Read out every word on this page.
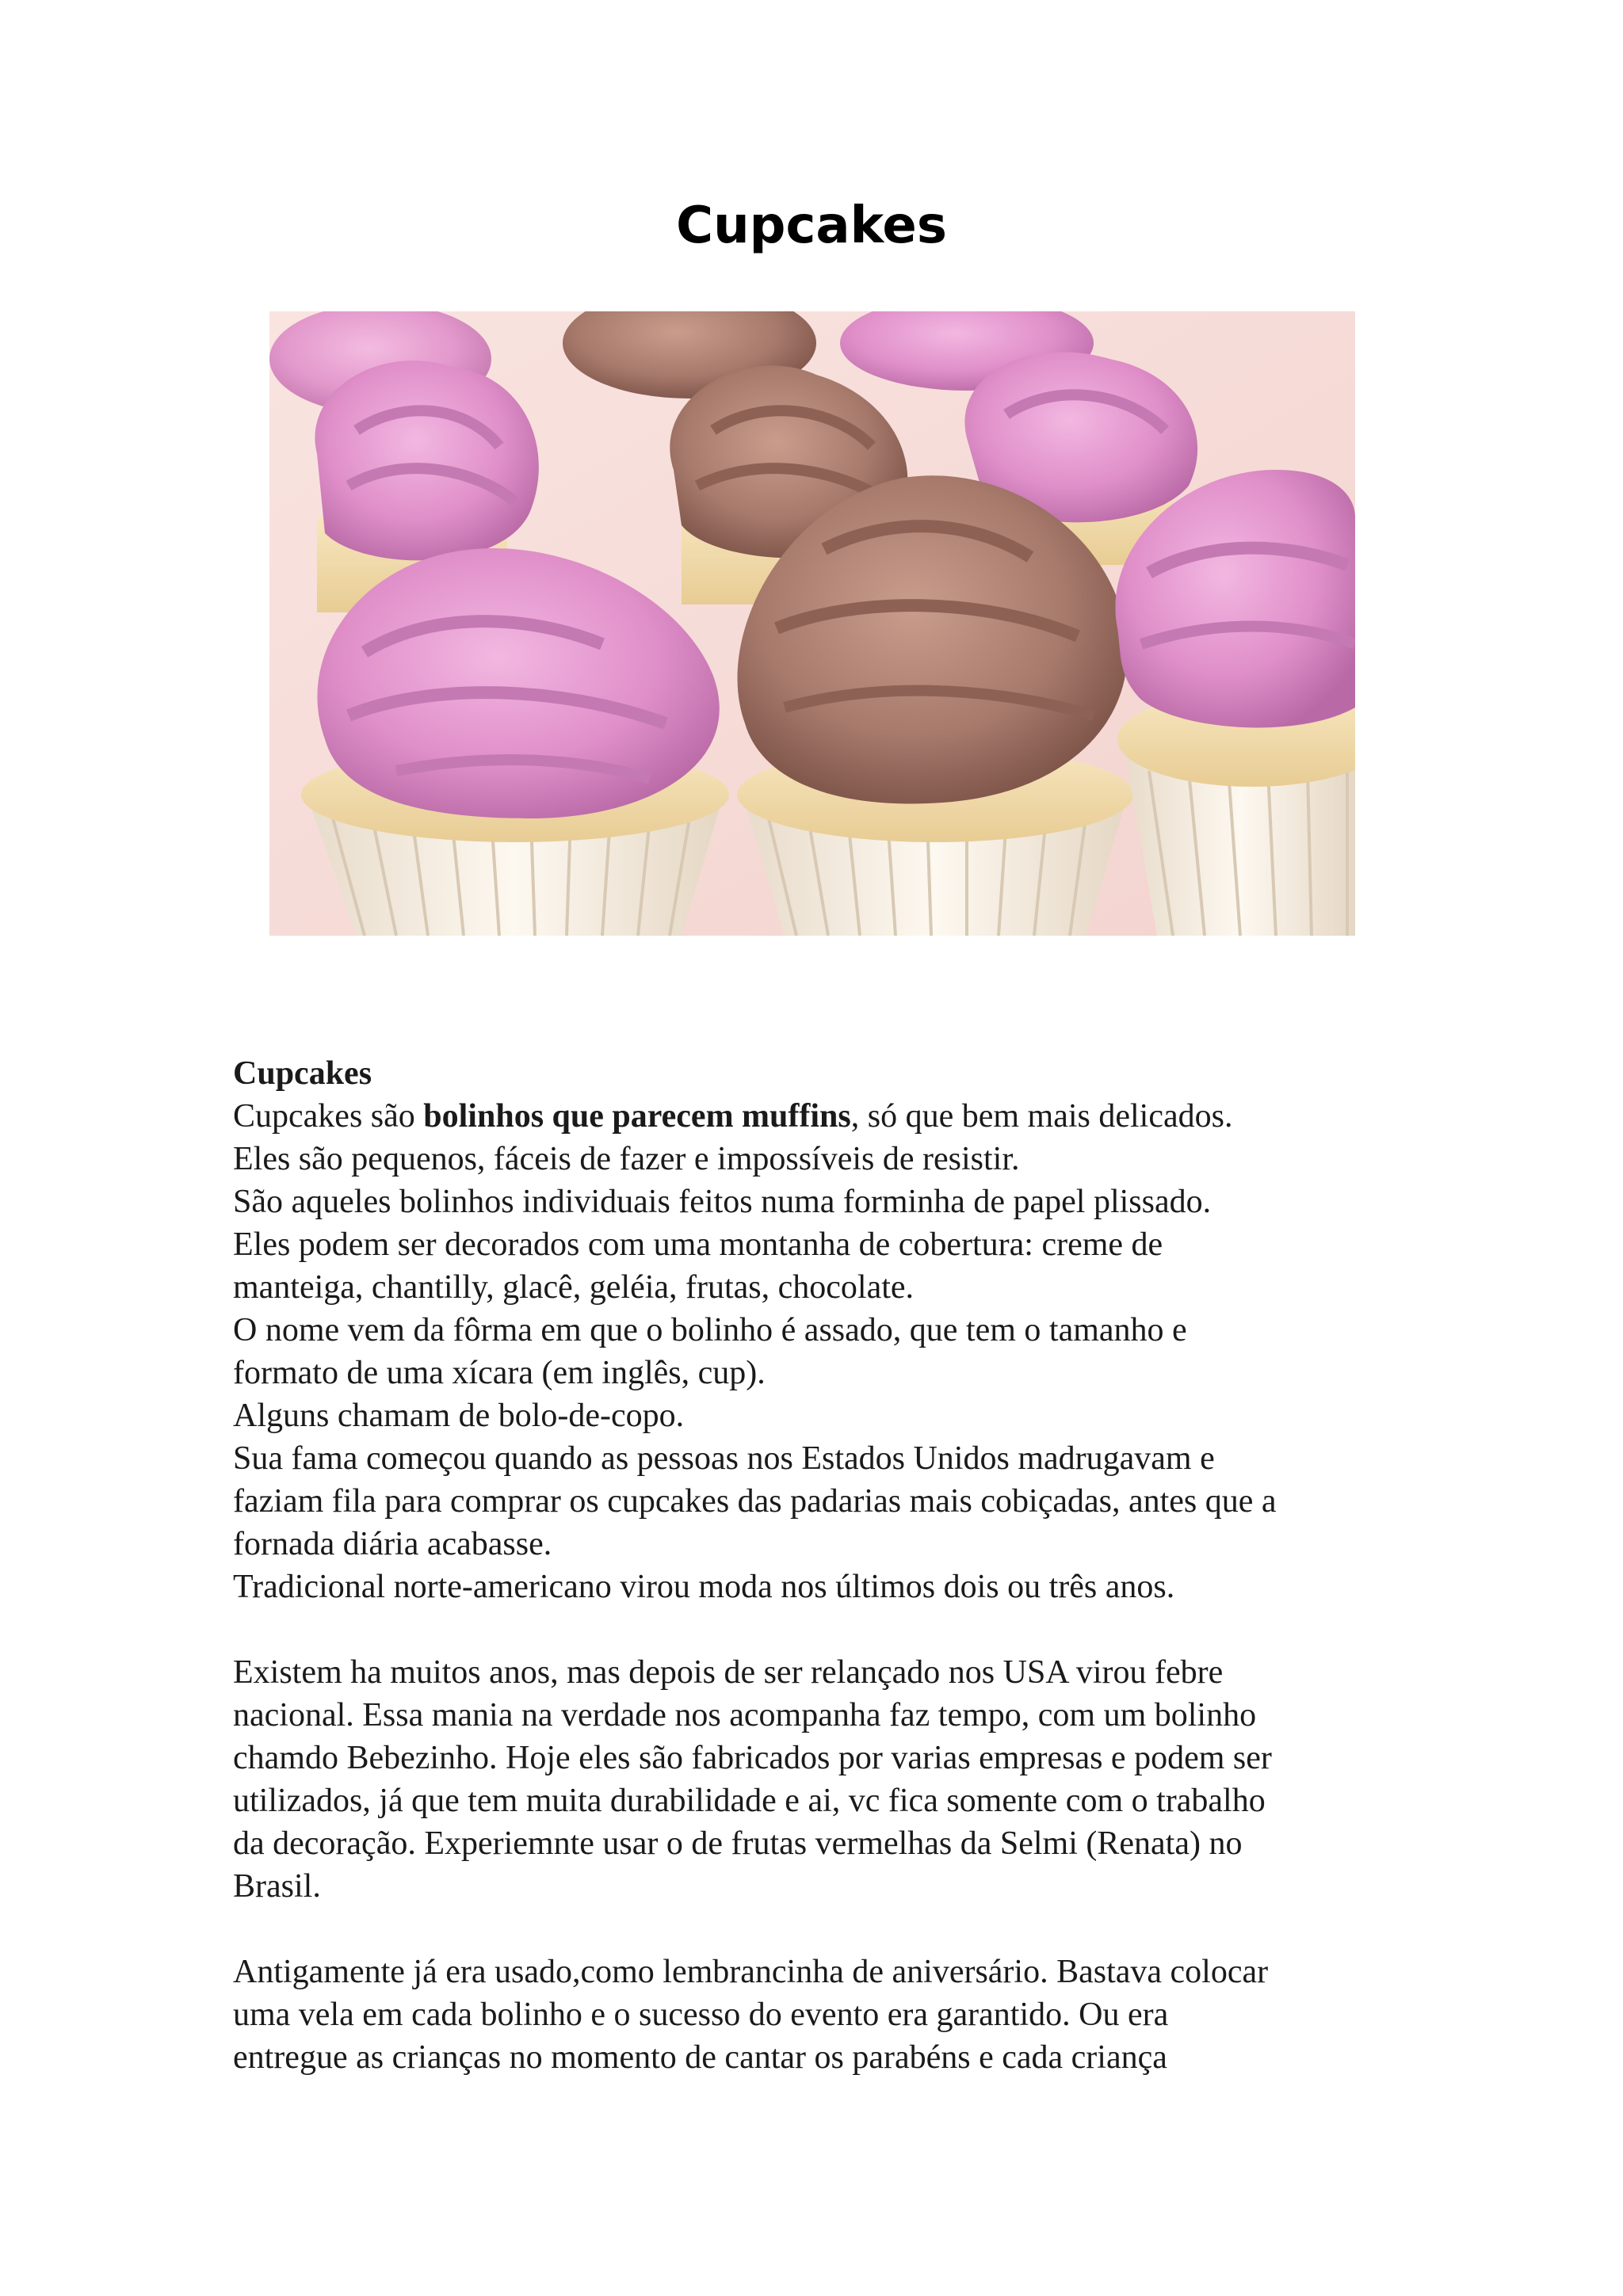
Cupcakes

Cupcakes

Cupcakes são bolinhos que parecem muffins, só que bem mais delicados.

Eles são pequenos, fáceis de fazer e impossíveis de resistir.

São aqueles bolinhos individuais feitos numa forminha de papel plissado.

Eles podem ser decorados com uma montanha de cobertura: creme de

manteiga, chantilly, glacê, geléia, frutas, chocolate.

O nome vem da fôrma em que o bolinho é assado, que tem o tamanho e

formato de uma xícara (em inglês, cup).

Alguns chamam de bolo-de-copo.

Sua fama começou quando as pessoas nos Estados Unidos madrugavam e

faziam fila para comprar os cupcakes das padarias mais cobiçadas, antes que a

fornada diária acabasse.

Tradicional norte-americano virou moda nos últimos dois ou três anos.

Existem ha muitos anos, mas depois de ser relançado nos USA virou febre

nacional. Essa mania na verdade nos acompanha faz tempo, com um bolinho

chamdo Bebezinho. Hoje eles são fabricados por varias empresas e podem ser

utilizados, já que tem muita durabilidade e ai, vc fica somente com o trabalho

da decoração. Experiemnte usar o de frutas vermelhas da Selmi (Renata) no

Brasil.

Antigamente já era usado,como lembrancinha de aniversário. Bastava colocar

uma vela em cada bolinho e o sucesso do evento era garantido. Ou era

entregue as crianças no momento de cantar os parabéns e cada criança
